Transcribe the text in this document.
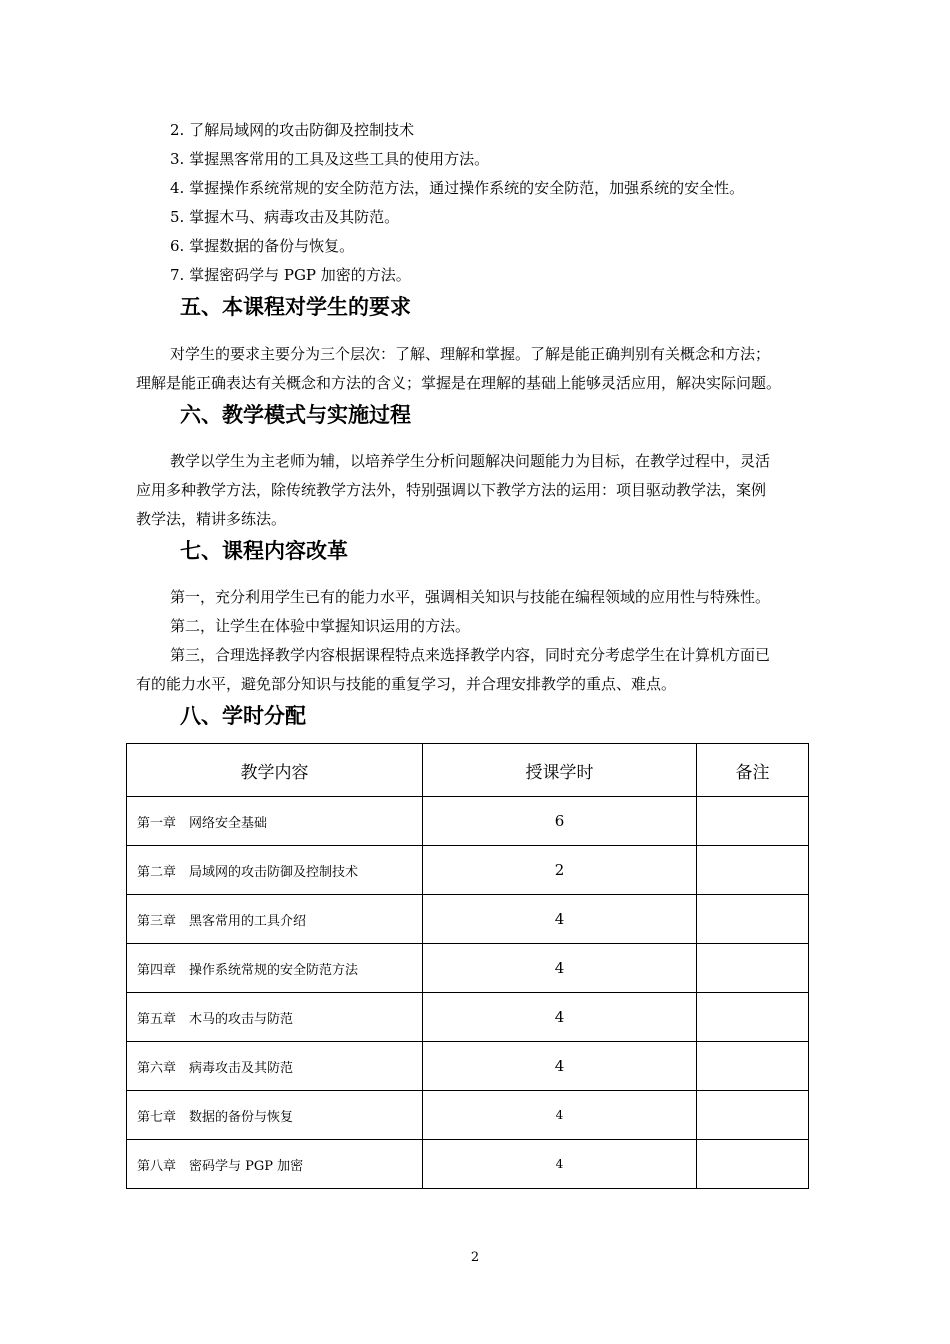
2. 了解局域网的攻击防御及控制技术
3. 掌握黑客常用的工具及这些工具的使用方法。
4. 掌握操作系统常规的安全防范方法，通过操作系统的安全防范，加强系统的安全性。
5. 掌握木马、病毒攻击及其防范。
6. 掌握数据的备份与恢复。
7. 掌握密码学与 PGP 加密的方法。
五、本课程对学生的要求
对学生的要求主要分为三个层次：了解、理解和掌握。了解是能正确判别有关概念和方法；
理解是能正确表达有关概念和方法的含义；掌握是在理解的基础上能够灵活应用，解决实际问题。
六、教学模式与实施过程
教学以学生为主老师为辅，以培养学生分析问题解决问题能力为目标，在教学过程中，灵活
应用多种教学方法，除传统教学方法外，特别强调以下教学方法的运用：项目驱动教学法，案例
教学法，精讲多练法。
七、课程内容改革
第一，充分利用学生已有的能力水平，强调相关知识与技能在编程领域的应用性与特殊性。
第二，让学生在体验中掌握知识运用的方法。
第三，合理选择教学内容根据课程特点来选择教学内容，同时充分考虑学生在计算机方面已
有的能力水平，避免部分知识与技能的重复学习，并合理安排教学的重点、难点。
八、学时分配
教学内容	授课学时	备注
第一章　网络安全基础	6	
第二章　局域网的攻击防御及控制技术	2	
第三章　黑客常用的工具介绍	4	
第四章　操作系统常规的安全防范方法	4	
第五章　木马的攻击与防范	4	
第六章　病毒攻击及其防范	4	
第七章　数据的备份与恢复	4	
第八章　密码学与 PGP 加密	4	
2
